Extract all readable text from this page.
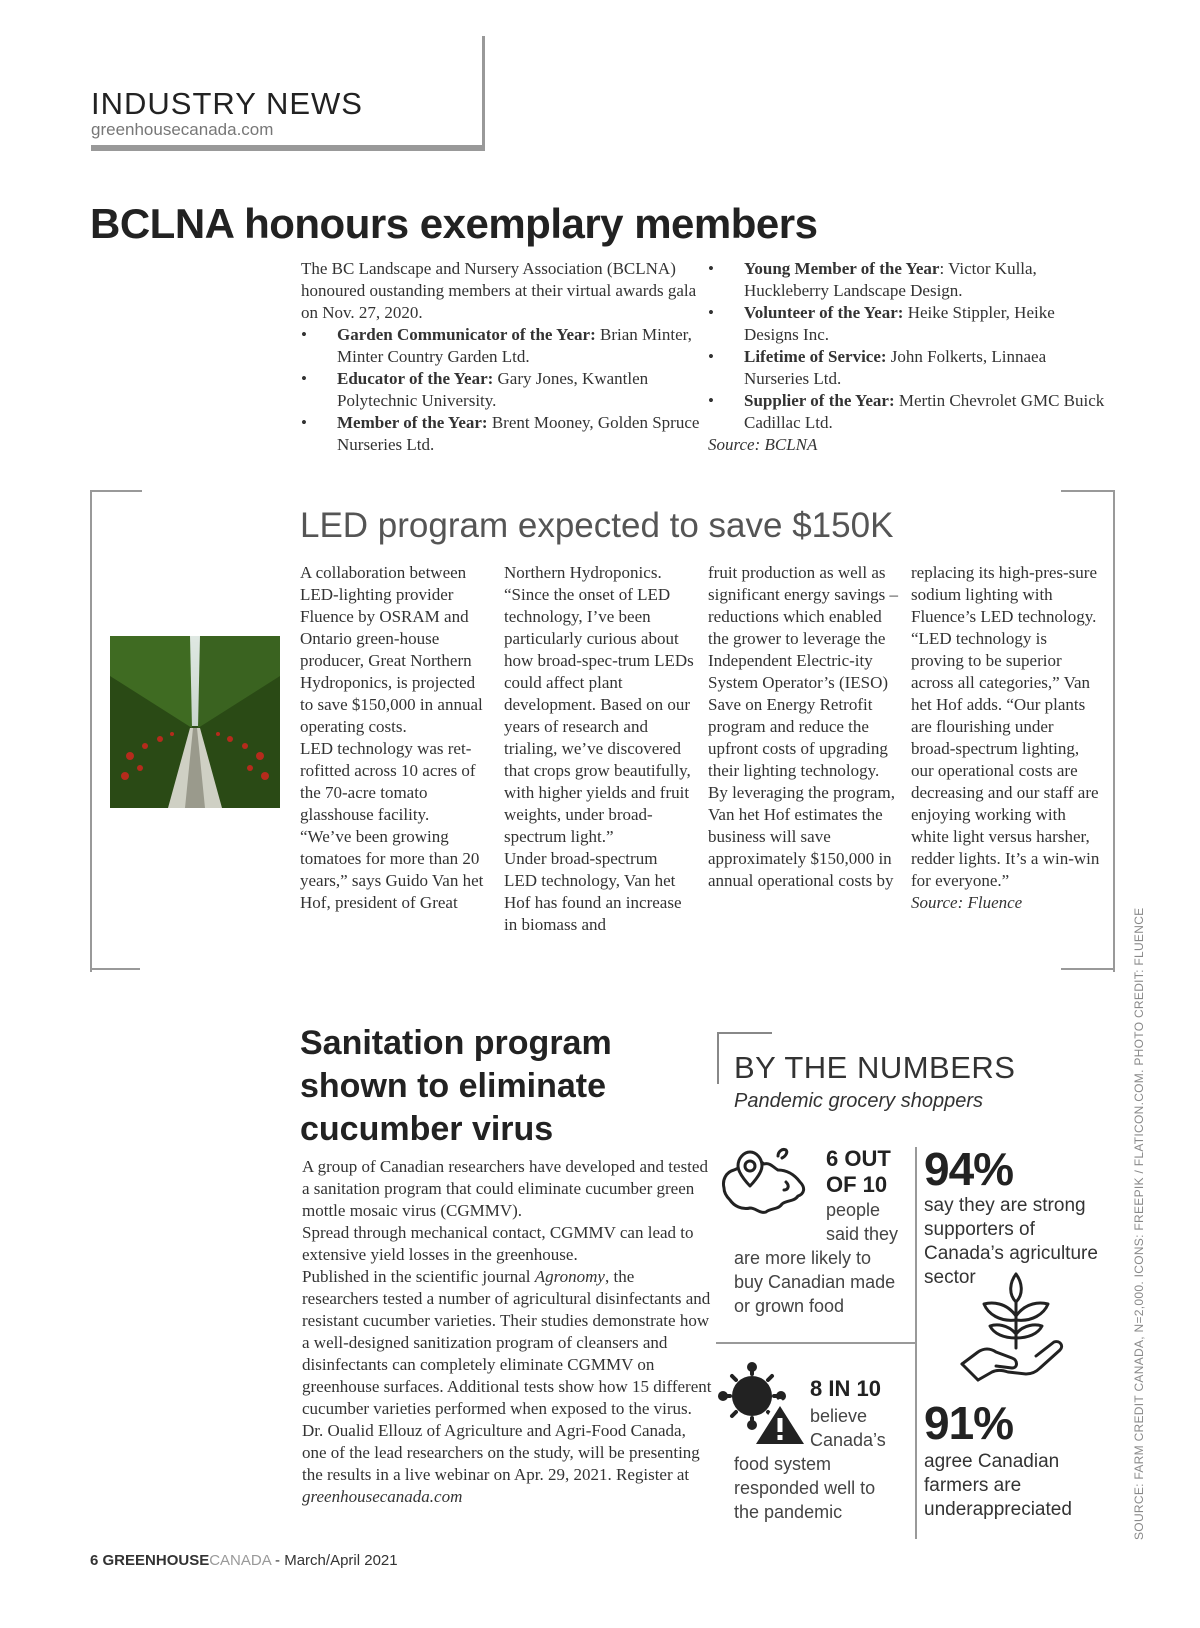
INDUSTRY NEWS
greenhousecanada.com
BCLNA honours exemplary members
The BC Landscape and Nursery Association (BCLNA) honoured oustanding members at their virtual awards gala on Nov. 27, 2020.
• Garden Communicator of the Year: Brian Minter, Minter Country Garden Ltd.
• Educator of the Year: Gary Jones, Kwantlen Polytechnic University.
• Member of the Year: Brent Mooney, Golden Spruce Nurseries Ltd.
• Young Member of the Year: Victor Kulla, Huckleberry Landscape Design.
• Volunteer of the Year: Heike Stippler, Heike Designs Inc.
• Lifetime of Service: John Folkerts, Linnaea Nurseries Ltd.
• Supplier of the Year: Mertin Chevrolet GMC Buick Cadillac Ltd.
Source: BCLNA
LED program expected to save $150K
A collaboration between LED-lighting provider Fluence by OSRAM and Ontario green-house producer, Great Northern Hydroponics, is projected to save $150,000 in annual operating costs.
LED technology was ret-rofitted across 10 acres of the 70-acre tomato glasshouse facility.
“We’ve been growing tomatoes for more than 20 years,” says Guido Van het Hof, president of Great
Northern Hydroponics. “Since the onset of LED technology, I’ve been particularly curious about how broad-spec-trum LEDs could affect plant development. Based on our years of research and trialing, we’ve discovered that crops grow beautifully, with higher yields and fruit weights, under broad-spectrum light.”
Under broad-spectrum LED technology, Van het Hof has found an increase in biomass and
fruit production as well as significant energy savings – reductions which enabled the grower to leverage the Independent Electric-ity System Operator’s (IESO) Save on Energy Retrofit program and reduce the upfront costs of upgrading their lighting technology.
By leveraging the program, Van het Hof estimates the business will save approximately $150,000 in annual operational costs by
replacing its high-pres-sure sodium lighting with Fluence’s LED technology.
“LED technology is proving to be superior across all categories,” Van het Hof adds. “Our plants are flourishing under broad-spectrum lighting, our operational costs are decreasing and our staff are enjoying working with white light versus harsher, redder lights. It’s a win-win for everyone.”
Source: Fluence
Sanitation program shown to eliminate cucumber virus
A group of Canadian researchers have developed and tested a sanitation program that could eliminate cucumber green mottle mosaic virus (CGMMV).
Spread through mechanical contact, CGMMV can lead to extensive yield losses in the greenhouse.
Published in the scientific journal Agronomy, the researchers tested a number of agricultural disinfectants and resistant cucumber varieties. Their studies demonstrate how a well-designed sanitization program of cleansers and disinfectants can completely eliminate CGMMV on greenhouse surfaces. Additional tests show how 15 different cucumber varieties performed when exposed to the virus.
Dr. Oualid Ellouz of Agriculture and Agri-Food Canada, one of the lead researchers on the study, will be presenting the results in a live webinar on Apr. 29, 2021. Register at greenhousecanada.com
BY THE NUMBERS
Pandemic grocery shoppers
6 OUT
OF 10
people
said they
are more likely to buy Canadian made or grown food
8 IN 10
believe
Canada’s
food system responded well to the pandemic
94%
say they are strong supporters of Canada’s agriculture sector
91%
agree Canadian farmers are underappreciated	SOURCE: FARM CREDIT CANADA, N=2,000. ICONS: FREEPIK / FLATICON.COM. PHOTO CREDIT: FLUENCE
6 GREENHOUSECANADA - March/April 2021
